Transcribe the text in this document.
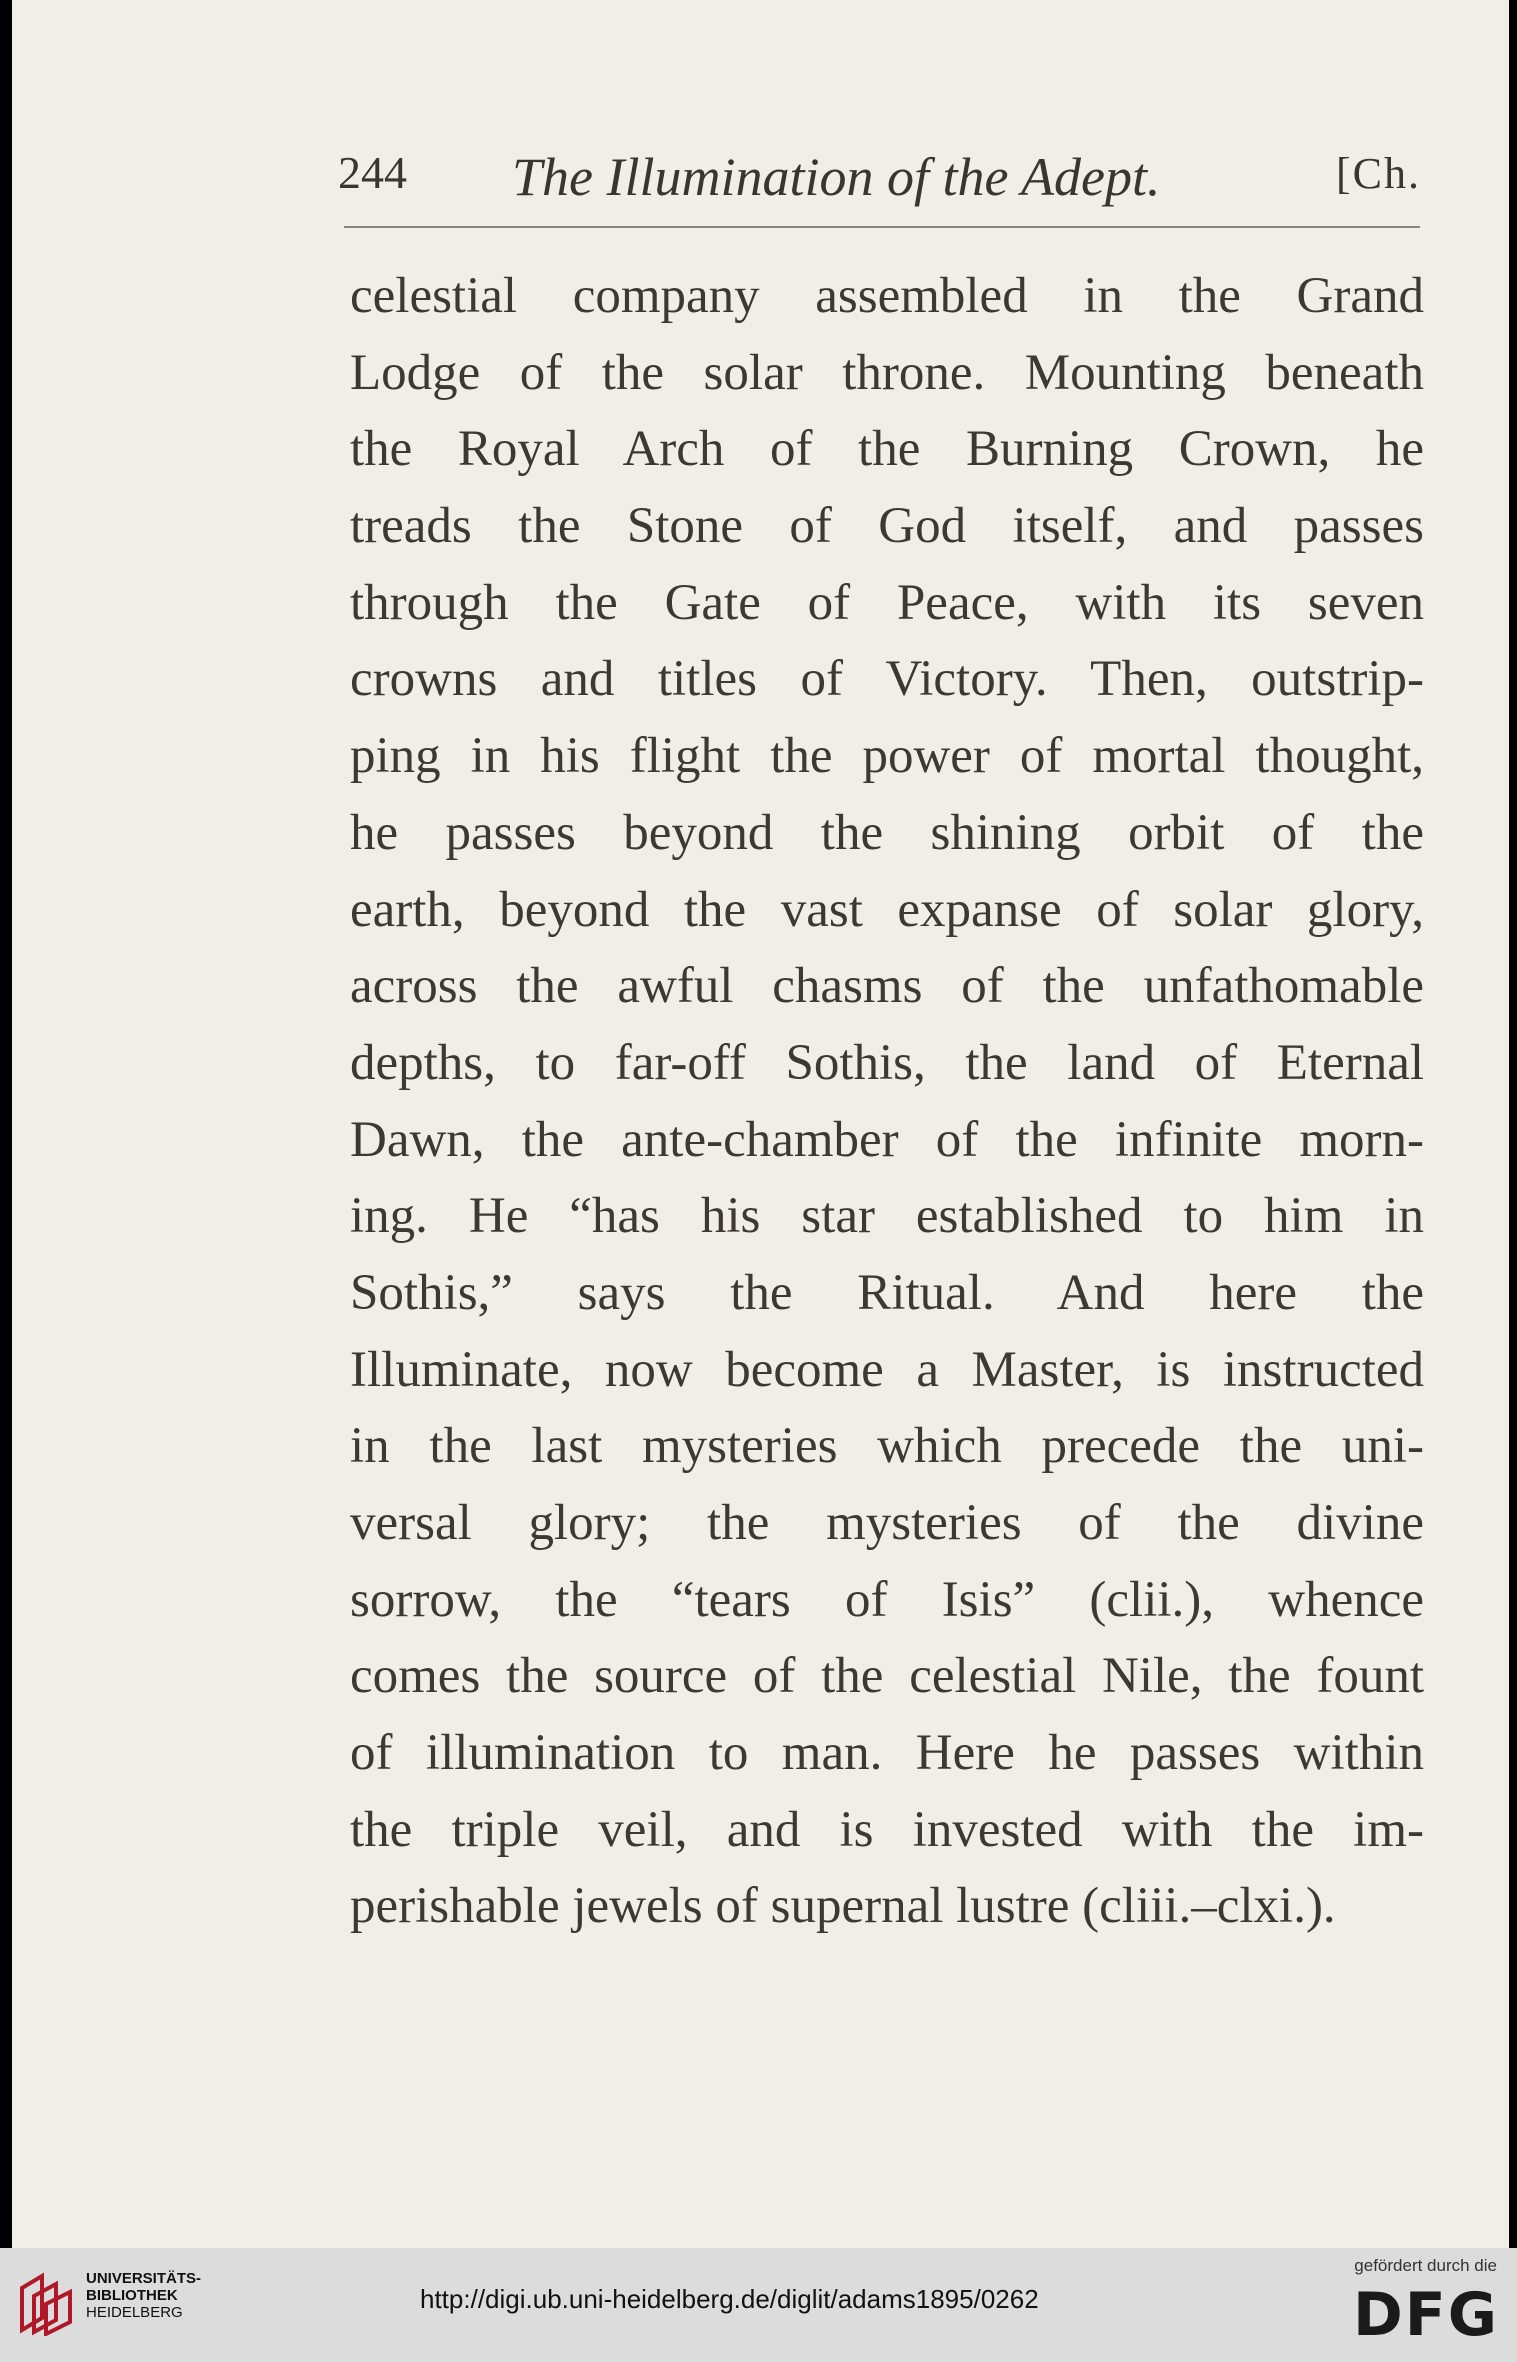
244 The Illumination of the Adept.	[Ch.
celestial company assembled in the Grand
Lodge of the solar throne. Mounting beneath
the Royal Arch of the Burning Crown, he
treads the Stone of God itself, and passes
through the Gate of Peace, with its seven
crowns and titles of Victory. Then, outstrip-
ping in his flight the power of mortal thought,
he passes beyond the shining orbit of the
earth, beyond the vast expanse of solar glory,
across the awful chasms of the unfathomable
depths, to far-off Sothis, the land of Eternal
Dawn, the ante-chamber of the infinite morn-
ing. He “has his star established to him in
Sothis,” says the Ritual. And here the
Illuminate, now become a Master, is instructed
in the last mysteries which precede the uni-
versal glory; the mysteries of the divine
sorrow, the “tears of Isis” (clii.), whence
comes the source of the celestial Nile, the fount
of illumination to man. Here he passes within
the triple veil, and is invested with the im-
perishable jewels of supernal lustre (cliii.–clxi.).
UNIVERSITÄTS-
BIBLIOTHEK
HEIDELBERG	http://digi.ub.uni-heidelberg.de/diglit/adams1895/0262
gefördert durch die
DFG
